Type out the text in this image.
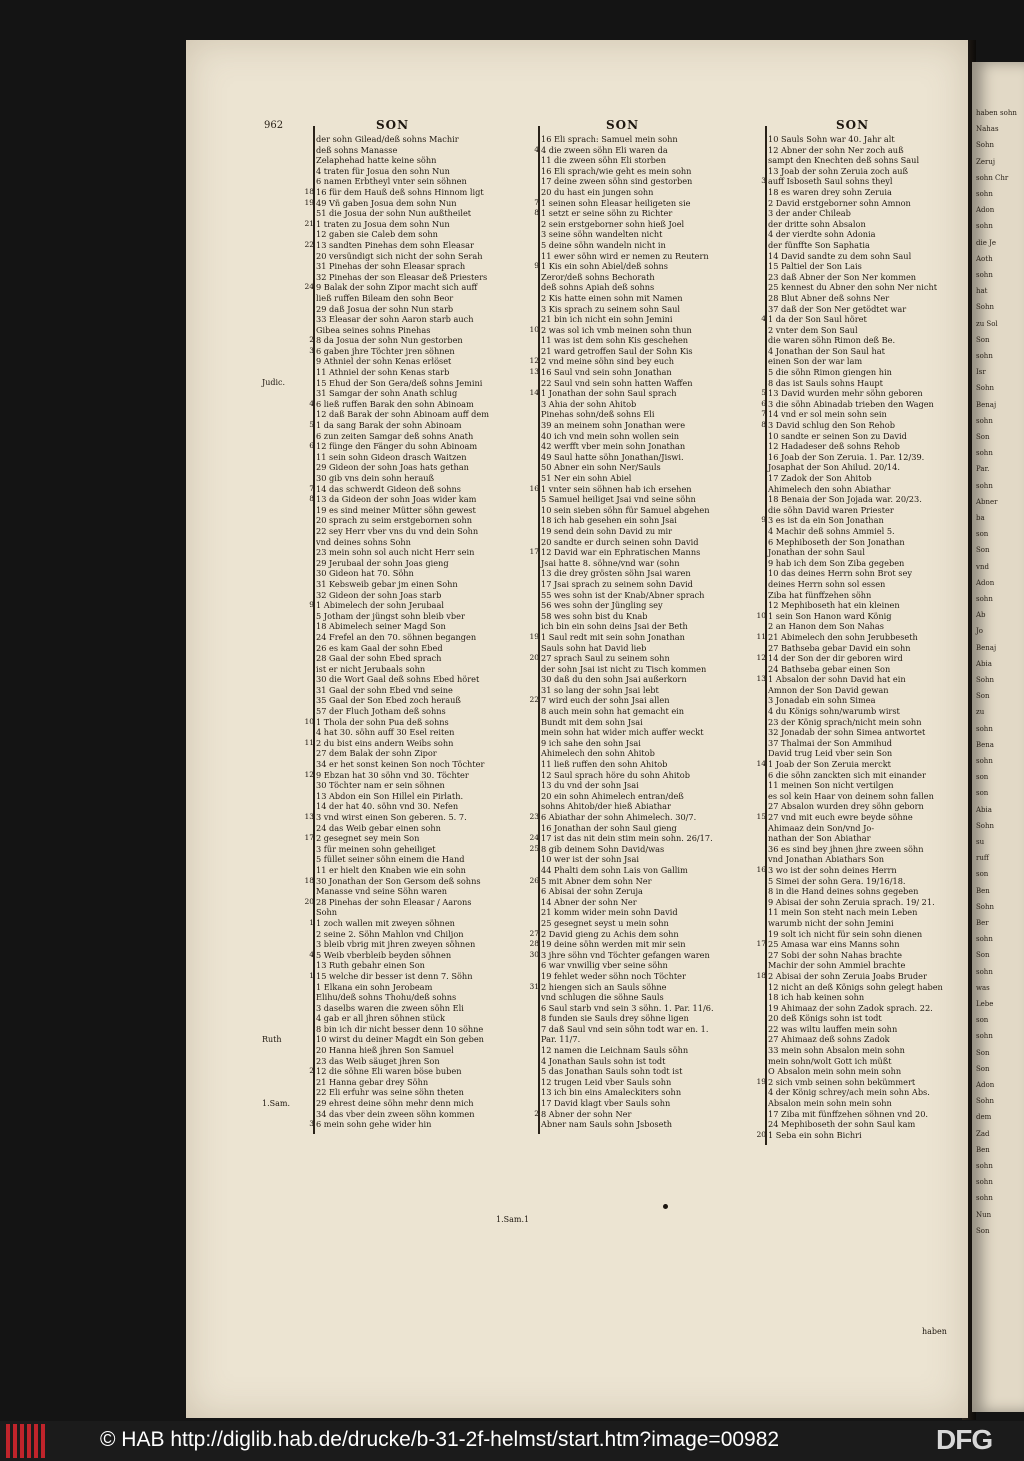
962	SON
der sohn Gilead/deß sohns Machir
deß sohns Manasse
Zelaphehad hatte keine söhn
4 traten für Josua den sohn Nun
6 namen Erbtheyl vnter sein söhnen
18 16 für dem Hauß deß sohns Hinnom ligt
19 49 Vñ gaben Josua dem sohn Nun
51 die Josua der sohn Nun außtheilet
21 1 traten zu Josua dem sohn Nun
12 gaben sie Caleb dem sohn
22 13 sandten Pinehas dem sohn Eleasar
20 versündigt sich nicht der sohn Serah
31 Pinehas der sohn Eleasar sprach
32 Pinehas der son Eleasar deß Priesters
24 9 Balak der sohn Zipor macht sich auff
ließ ruffen Bileam den sohn Beor
29 daß Josua der sohn Nun starb
33 Eleasar der sohn Aaron starb auch
Gibea seines sohns Pinehas
2 8 da Josua der sohn Nun gestorben
3 6 gaben jhre Töchter jren söhnen
9 Athniel der sohn Kenas erlöset
11 Athniel der sohn Kenas starb
15 Ehud der Son Gera/deß sohns Jemini
31 Samgar der sohn Anath schlug
4 6 ließ ruffen Barak den sohn Abinoam
12 daß Barak der sohn Abinoam auff dem
5 1 da sang Barak der sohn Abinoam
6 zun zeiten Samgar deß sohns Anath
6 12 fünge den Fänger du sohn Abinoam
11 sein sohn Gideon drasch Waitzen
29 Gideon der sohn Joas hats gethan
30 gib vns dein sohn herauß
7 14 das schwerdt Gideon deß sohns
8 13 da Gideon der sohn Joas wider kam
19 es sind meiner Mütter söhn gewest
20 sprach zu seim erstgebornen sohn
22 sey Herr vber vns du vnd dein Sohn
vnd deines sohns Sohn
23 mein sohn sol auch nicht Herr sein
29 Jerubaal der sohn Joas gieng
30 Gideon hat 70. Söhn
31 Kebsweib gebar jm einen Sohn
32 Gideon der sohn Joas starb
9 1 Abimelech der sohn Jerubaal
5 Jotham der jüngst sohn bleib vber
18 Abimelech seiner Magd Son
24 Frefel an den 70. söhnen begangen
26 es kam Gaal der sohn Ebed
28 Gaal der sohn Ebed sprach
ist er nicht Jerubaals sohn
30 die Wort Gaal deß sohns Ebed höret
31 Gaal der sohn Ebed vnd seine
35 Gaal der Son Ebed zoch herauß
57 der Fluch Jotham deß sohns
10 1 Thola der sohn Pua deß sohns
4 hat 30. söhn auff 30 Esel reiten
11 2 du bist eins andern Weibs sohn
27 dem Balak der sohn Zipor
34 er het sonst keinen Son noch Töchter
12 9 Ebzan hat 30 söhn vnd 30. Töchter
30 Töchter nam er sein söhnen
13 Abdon ein Son Hillel ein Pirlath.
14 der hat 40. söhn vnd 30. Nefen
13 3 vnd wirst einen Son geberen. 5. 7.
24 das Weib gebar einen sohn
17 2 gesegnet sey mein Son
3 für meinen sohn geheiliget
5 füllet seiner söhn einem die Hand
11 er hielt den Knaben wie ein sohn
18 30 Jonathan der Son Gersom deß sohns
Manasse vnd seine Söhn waren
20 28 Pinehas der sohn Eleasar / Aarons
Sohn
1 1 zoch wallen mit zweyen söhnen
2 seine 2. Söhn Mahlon vnd Chiljon
3 bleib vbrig mit jhren zweyen söhnen
4 5 Weib vberbleib beyden söhnen
13 Ruth gebahr einen Son
1 15 welche dir besser ist denn 7. Söhn
1 Elkana ein sohn Jerobeam
Elihu/deß sohns Thohu/deß sohns
3 daselbs waren die zween söhn Eli
4 gab er all jhren söhnen stück
8 bin ich dir nicht besser denn 10 söhne
10 wirst du deiner Magdt ein Son geben
20 Hanna hieß jhren Son Samuel
23 das Weib säuget jhren Son
2 12 die söhne Eli waren böse buben
21 Hanna gebar drey Söhn
22 Eli erfuhr was seine söhn theten
29 ehrest deine söhn mehr denn mich
34 das vber dein zween söhn kommen
3 6 mein sohn gehe wider hin
SON
16 Eli sprach: Samuel mein sohn
4 4 die zween söhn Eli waren da
11 die zween söhn Eli storben
16 Eli sprach/wie geht es mein sohn
17 deine zween söhn sind gestorben
20 du hast ein jungen sohn
7 1 seinen sohn Eleasar heiligeten sie
8 1 setzt er seine söhn zu Richter
2 sein erstgeborner sohn hieß Joel
3 seine söhn wandelten nicht
5 deine söhn wandeln nicht in
11 ewer söhn wird er nemen zu Reutern
9 1 Kis ein sohn Abiel/deß sohns
Zeror/deß sohns Bechorath
deß sohns Apiah deß sohns
2 Kis hatte einen sohn mit Namen
3 Kis sprach zu seinem sohn Saul
21 bin ich nicht ein sohn Jemini
10 2 was sol ich vmb meinen sohn thun
11 was ist dem sohn Kis geschehen
21 ward getroffen Saul der Sohn Kis
12 2 vnd meine söhn sind bey euch
13 16 Saul vnd sein sohn Jonathan
22 Saul vnd sein sohn hatten Waffen
14 1 Jonathan der sohn Saul sprach
3 Ahia der sohn Ahitob
Pinehas sohn/deß sohns Eli
39 an meinem sohn Jonathan were
40 ich vnd mein sohn wollen sein
42 werfft vber mein sohn Jonathan
49 Saul hatte söhn Jonathan/Jiswi.
50 Abner ein sohn Ner/Sauls
51 Ner ein sohn Abiel
16 1 vnter sein söhnen hab ich ersehen
5 Samuel heiliget Jsai vnd seine söhn
10 sein sieben söhn für Samuel abgehen
18 ich hab gesehen ein sohn Jsai
19 send dein sohn David zu mir
20 sandte er durch seinen sohn David
17 12 David war ein Ephratischen Manns
Jsai hatte 8. söhne/vnd war (sohn
13 die drey grösten söhn Jsai waren
17 Jsai sprach zu seinem sohn David
55 wes sohn ist der Knab/Abner sprach
56 wes sohn der Jüngling sey
58 wes sohn bist du Knab
ich bin ein sohn deins Jsai der Beth
19 1 Saul redt mit sein sohn Jonathan
Sauls sohn hat David lieb
20 27 sprach Saul zu seinem sohn
der sohn Jsai ist nicht zu Tisch kommen
30 daß du den sohn Jsai außerkorn
31 so lang der sohn Jsai lebt
22 7 wird euch der sohn Jsai allen
8 auch mein sohn hat gemacht ein
Bundt mit dem sohn Jsai
mein sohn hat wider mich auffer weckt
9 ich sahe den sohn Jsai
Ahimelech den sohn Ahitob
11 ließ ruffen den sohn Ahitob
12 Saul sprach höre du sohn Ahitob
13 du vnd der sohn Jsai
20 ein sohn Ahimelech entran/deß
sohns Ahitob/der hieß Abiathar
23 6 Abiathar der sohn Ahimelech. 30/7.
16 Jonathan der sohn Saul gieng
24 17 ist das nit dein stim mein sohn. 26/17.
25 8 gib deinem Sohn David/was
10 wer ist der sohn Jsai
44 Phalti dem sohn Lais von Gallim
26 5 mit Abner dem sohn Ner
6 Abisai der sohn Zeruja
14 Abner der sohn Ner
21 komm wider mein sohn David
25 gesegnet seyst u mein sohn
27 2 David gieng zu Achis dem sohn
28 19 deine söhn werden mit mir sein
30 3 jhre söhn vnd Töchter gefangen waren
6 war vnwillig vber seine söhn
19 fehlet weder söhn noch Töchter
31 2 hiengen sich an Sauls söhne
vnd schlugen die söhne Sauls
6 Saul starb vnd sein 3 söhn. 1. Par. 11/6.
8 funden sie Sauls drey söhne ligen
7 daß Saul vnd sein söhn todt war en. 1.
Par. 11/7.
12 namen die Leichnam Sauls söhn
4 Jonathan Sauls sohn ist todt
5 das Jonathan Sauls sohn todt ist
12 trugen Leid vber Sauls sohn
13 ich bin eins Amaleckiters sohn
17 David klagt vber Sauls sohn
2 8 Abner der sohn Ner
Abner nam Sauls sohn Jsboseth
SON
10 Sauls Sohn war 40. Jahr alt
12 Abner der sohn Ner zoch auß
sampt den Knechten deß sohns Saul
13 Joab der sohn Zeruia zoch auß
3 auff Isboseth Saul sohns theyl
18 es waren drey sohn Zeruia
2 David erstgeborner sohn Amnon
3 der ander Chileab
der dritte sohn Absalon
4 der vierdte sohn Adonia
der fünffte Son Saphatia
14 David sandte zu dem sohn Saul
15 Paltiel der Son Lais
23 daß Abner der Son Ner kommen
25 kennest du Abner den sohn Ner nicht
28 Blut Abner deß sohns Ner
37 daß der Son Ner getödtet war
4 1 da der Son Saul höret
2 vnter dem Son Saul
die waren söhn Rimon deß Be.
4 Jonathan der Son Saul hat
einen Son der war lam
5 die söhn Rimon giengen hin
8 das ist Sauls sohns Haupt
5 13 David wurden mehr söhn geboren
6 3 die söhn Abinadab trieben den Wagen
7 14 vnd er sol mein sohn sein
8 3 David schlug den Son Rehob
10 sandte er seinen Son zu David
12 Hadadeser deß sohns Rehob
16 Joab der Son Zeruia. 1. Par. 12/39.
Josaphat der Son Ahilud. 20/14.
17 Zadok der Son Ahitob
Ahimelech den sohn Abiathar
18 Benaia der Son Jojada war. 20/23.
die söhn David waren Priester
9 3 es ist da ein Son Jonathan
4 Machir deß sohns Ammiel 5.
6 Mephiboseth der Son Jonathan
Jonathan der sohn Saul
9 hab ich dem Son Ziba gegeben
10 das deines Herrn sohn Brot sey
deines Herrn sohn sol essen
Ziba hat fünffzehen söhn
12 Mephiboseth hat ein kleinen
10 1 sein Son Hanon ward König
2 an Hanon dem Son Nahas
11 21 Abimelech den sohn Jerubbeseth
27 Bathseba gebar David ein sohn
12 14 der Son der dir geboren wird
24 Bathseba gebar einen Son
13 1 Absalon der sohn David hat ein
Amnon der Son David gewan
3 Jonadab ein sohn Simea
4 du Königs sohn/warumb wirst
23 der König sprach/nicht mein sohn
32 Jonadab der sohn Simea antwortet
37 Thalmai der Son Ammihud
David trug Leid vber sein Son
14 1 Joab der Son Zeruia merckt
6 die söhn zanckten sich mit einander
11 meinen Son nicht vertilgen
es sol kein Haar von deinem sohn fallen
27 Absalon wurden drey söhn geborn
15 27 vnd mit euch ewre beyde söhne
Ahimaaz dein Son/vnd Jo-
nathan der Son Abiathar
36 es sind bey jhnen jhre zween söhn
vnd Jonathan Abiathars Son
16 3 wo ist der sohn deines Herrn
5 Simei der sohn Gera. 19/16/18.
8 in die Hand deines sohns gegeben
9 Abisai der sohn Zeruia sprach. 19/ 21.
11 mein Son steht nach mein Leben
warumb nicht der sohn Jemini
19 solt ich nicht für sein sohn dienen
17 25 Amasa war eins Manns sohn
27 Sobi der sohn Nahas brachte
Machir der sohn Ammiel brachte
18 2 Abisai der sohn Zeruia Joabs Bruder
12 nicht an deß Königs sohn gelegt haben
18 ich hab keinen sohn
19 Ahimaaz der sohn Zadok sprach. 22.
20 deß Königs sohn ist todt
22 was wiltu lauffen mein sohn
27 Ahimaaz deß sohns Zadok
33 mein sohn Absalon mein sohn
mein sohn/wolt Gott ich müßt
O Absalon mein sohn mein sohn
19 2 sich vmb seinen sohn bekümmert
4 der König schrey/ach mein sohn Abs.
Absalon mein sohn mein sohn
17 Ziba mit fünffzehen söhnen vnd 20.
24 Mephiboseth der sohn Saul kam
20 1 Seba ein sohn Bichri
Judic.
Ruth
1.Sam.
1.Sam.1
haben
haben sohn
Nahas
Sohn
Zeruj
sohn Chr
sohn
Adon
sohn
die Je
Aoth
sohn
hat
Sohn
zu Sol
Son
sohn
Isr
Sohn
Benaj
sohn
Son
sohn
Par.
sohn
Abner
ba
son
Son
vnd
Adon
sohn
Ab
Jo
Benaj
Abia
Sohn
Son
zu
sohn
Bena
sohn
son
son
Abia
Sohn
su
ruff
son
Ben
Sohn
Ber
sohn
Son
sohn
was
Lebe
son
sohn
Son
Son
Adon
Sohn
dem
Zad
Ben
sohn
sohn
sohn
Nun
Son
© HAB http://diglib.hab.de/drucke/b-31-2f-helmst/start.htm?image=00982	DFG
